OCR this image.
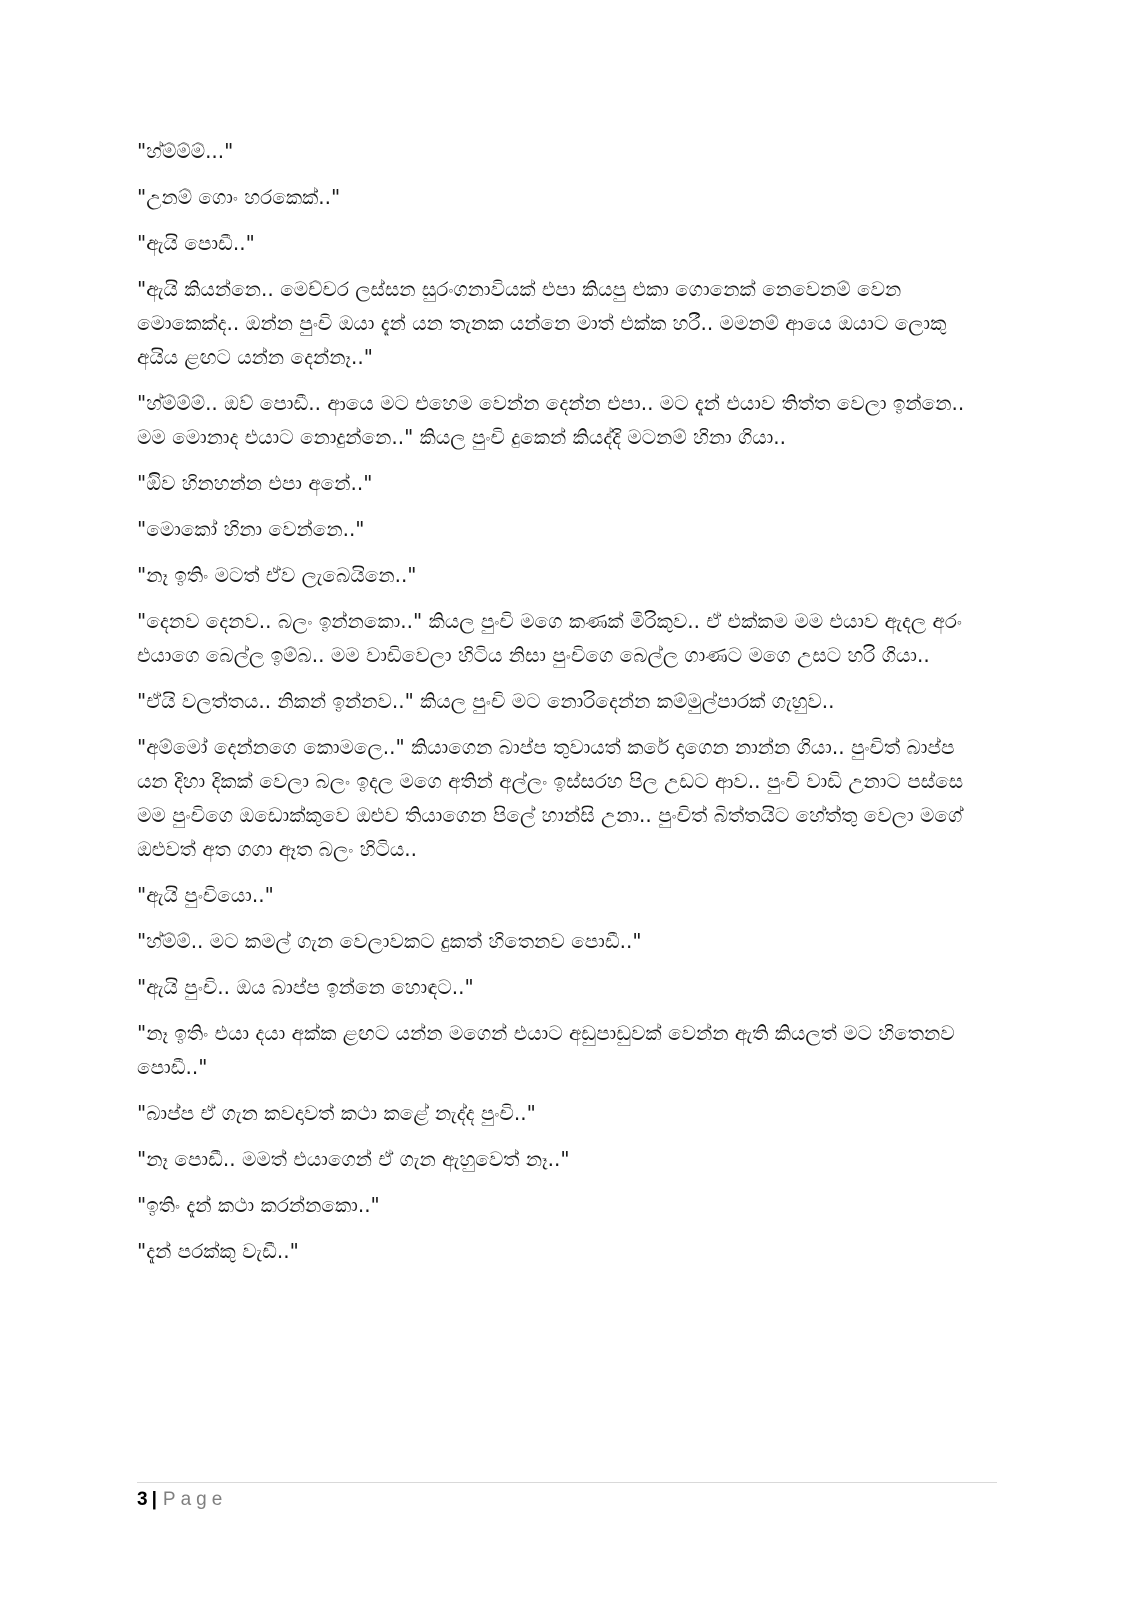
"හ්ම්ම්ම්..."

"උනම් ගොං හරකෙක්.."

"ඇයි පොඩී.."

"ඇයි කියන්නෙ.. මෙච්චර ලස්සන සුරංගනාවියක් එපා කියපු එකා ගොනෙක් නෙවෙනම් වෙන මොකෙක්ද.. ඔන්න පුංචි ඔයා දැන් යන තැනක යන්නෙ මාත් එක්ක හරී.. මමනම් ආයෙ ඔයාට ලොකු අයිය ළඟට යන්න දෙන්නෑ.."

"හ්ම්ම්ම්.. ඔව් පොඩී.. ආයෙ මට එහෙම වෙන්න දෙන්න එපා.. මට දැන් එයාව තිත්ත වෙලා ඉන්නෙ.. මම මොනාද එයාට නොදුන්නෙ.." කියල පුංචි දුකෙන් කියද්දි මටනම් හිනා ගියා..

"ඔිව හිනහන්න එපා අනේ.."

"මොකෝ හිනා වෙන්නෙ.."

"නෑ ඉතිං මටත් ඒව ලැබෙයිනෙ.."

"දෙනව දෙනව.. බලං ඉන්නකො.." කියල පුංචි මගෙ කණක් මිරිකුව.. ඒ එක්කම මම එයාව ඇදල අරං එයාගෙ බෙල්ල ඉම්බ.. මම වාඩිවෙලා හිටිය නිසා පුංචිගෙ බෙල්ල ගාණට මගෙ උසට හරි ගියා..

"ඒයි වලත්තය.. නිකන් ඉන්නව.." කියල පුංචි මට නොරිදෙන්න කම්මුල්පාරක් ගැහුව..

"අම්මෝ දෙන්නගෙ කොමලෙ.." කියාගෙන බාප්ප තුවායත් කරේ දාගෙන නාන්න ගියා.. පුංචිත් බාප්ප යන දිහා දිකක් වෙලා බලං ඉදල මගෙ අතින් අල්ලං ඉස්සරහ පිල උඩට ආව.. පුංචි වාඩි උනාට පස්සෙ මම පුංචිගෙ ඔඩොක්කුවෙ ඔළුව තියාගෙන පිලේ හාන්සි උනා.. පුංචිත් බිත්තයිට හේත්තු වෙලා මගේ ඔළුවත් අත ගගා ඈත බලං හිටිය..

"ඇයි පුංචියො.."

"හ්ම්ම්.. මට කමල් ගැන වෙලාවකට දුකත් හිතෙනව පොඩී.."

"ඇයි පුංචි.. ඔය බාප්ප ඉන්නෙ හොඳට.."

"නෑ ඉතිං එයා දයා අක්ක ළඟට යන්න මගෙන් එයාට අඩුපාඩුවක් වෙන්න ඇති කියලත් මට හිතෙනව පොඩී.."

"බාප්ප ඒ ගැන කවදාවත් කථා කළේ නැද්ද පුංචි.."

"නෑ පොඩී.. මමත් එයාගෙන් ඒ ගැන ඇහුවෙත් නෑ.."

"ඉතිං දැන් කථා කරන්නකො.."

"දැන් පරක්කු වැඩී.."

3 | Page
